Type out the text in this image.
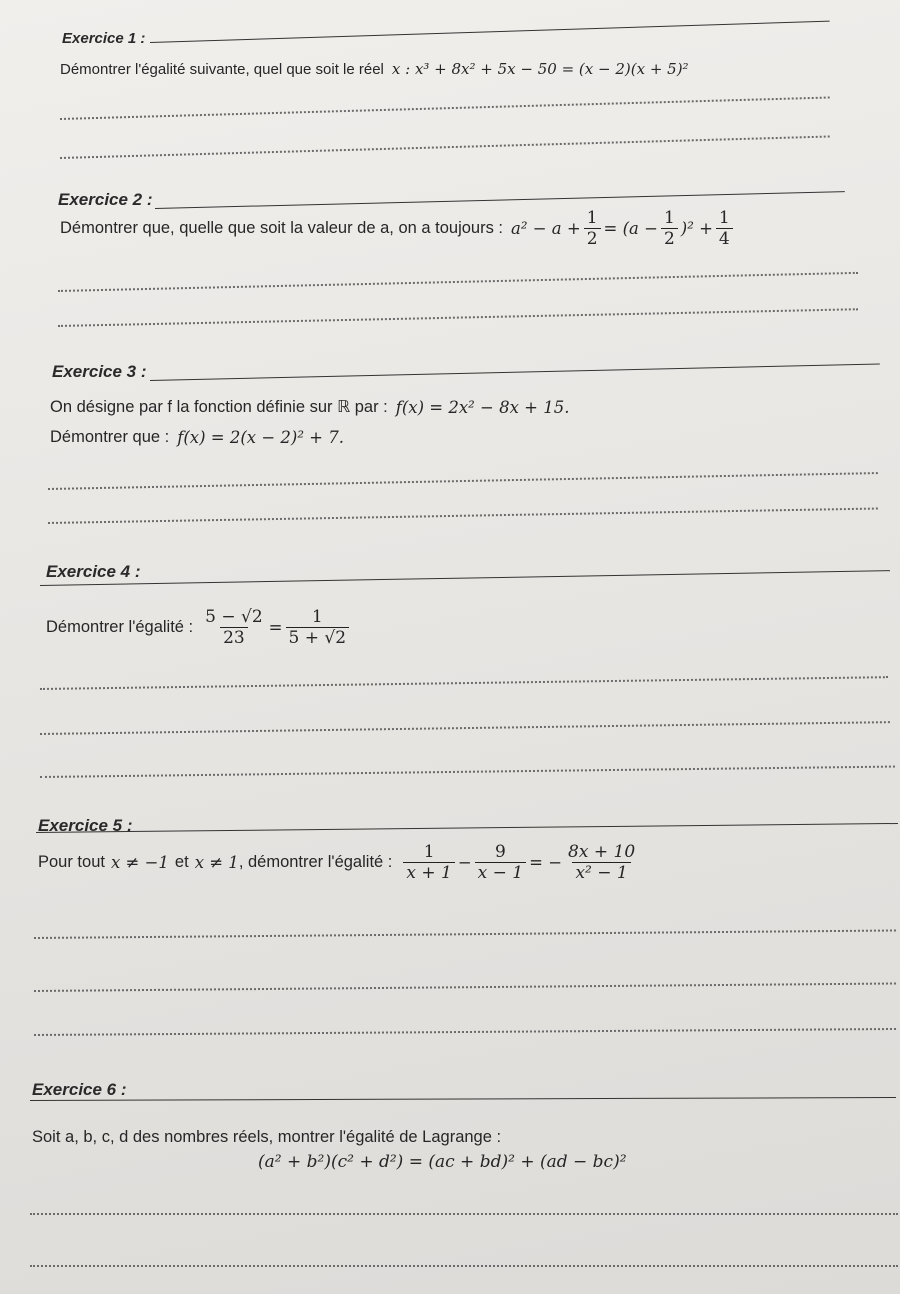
Exercice 1 :
Démontrer l'égalité suivante, quel que soit le réel x : x³ + 8x² + 5x − 50 = (x − 2)(x + 5)²
Exercice 2 :
Démontrer que, quelle que soit la valeur de a, on a toujours : $a^2 - a + \frac{1}{2} = (a - \frac{1}{2} )^2 + \frac{1}{4}$
Exercice 3 :
On désigne par f la fonction définie sur ℝ par : f(x) = 2x² − 8x + 15.
Démontrer que : f(x) = 2(x − 2)² + 7.
Exercice 4 :
Démontrer l'égalité : $\frac{5 - √2}{23} = \frac{1}{5 + √2}$
Exercice 5 :
Pour tout x ≠ −1 et x ≠ 1 , démontrer l'égalité : $\frac{1}{x + 1} - \frac{9}{x - 1}$ = − $\frac{8x + 10}{\text{x² − 1}}$
Exercice 6 :
Soit a, b, c, d des nombres réels, montrer l'égalité de Lagrange :
(a² + b²)(c² + d²) = (ac + bd)² + (ad − bc)²
